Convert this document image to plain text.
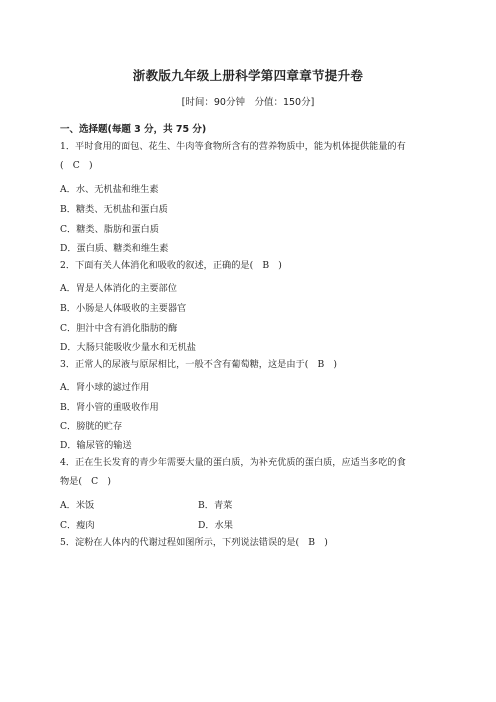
浙教版九年级上册科学第四章章节提升卷
[时间：90分钟　分值：150分]
一、选择题(每题 3 分，共 75 分)
1．平时食用的面包、花生、牛肉等食物所含有的营养物质中，能为机体提供能量的有
(　C　)
A．水、无机盐和维生素
B．糖类、无机盐和蛋白质
C．糖类、脂肪和蛋白质
D．蛋白质、糖类和维生素
2．下面有关人体消化和吸收的叙述，正确的是(　B　)
A．胃是人体消化的主要部位
B．小肠是人体吸收的主要器官
C．胆汁中含有消化脂肪的酶
D．大肠只能吸收少量水和无机盐
3．正常人的尿液与原尿相比，一般不含有葡萄糖，这是由于(　B　)
A．肾小球的滤过作用
B．肾小管的重吸收作用
C．膀胱的贮存
D．输尿管的输送
4．正在生长发育的青少年需要大量的蛋白质，为补充优质的蛋白质，应适当多吃的食
物是(　C　)
A．米饭	B．青菜
C．瘦肉	D．水果
5．淀粉在人体内的代谢过程如图所示，下列说法错误的是(　B　)
